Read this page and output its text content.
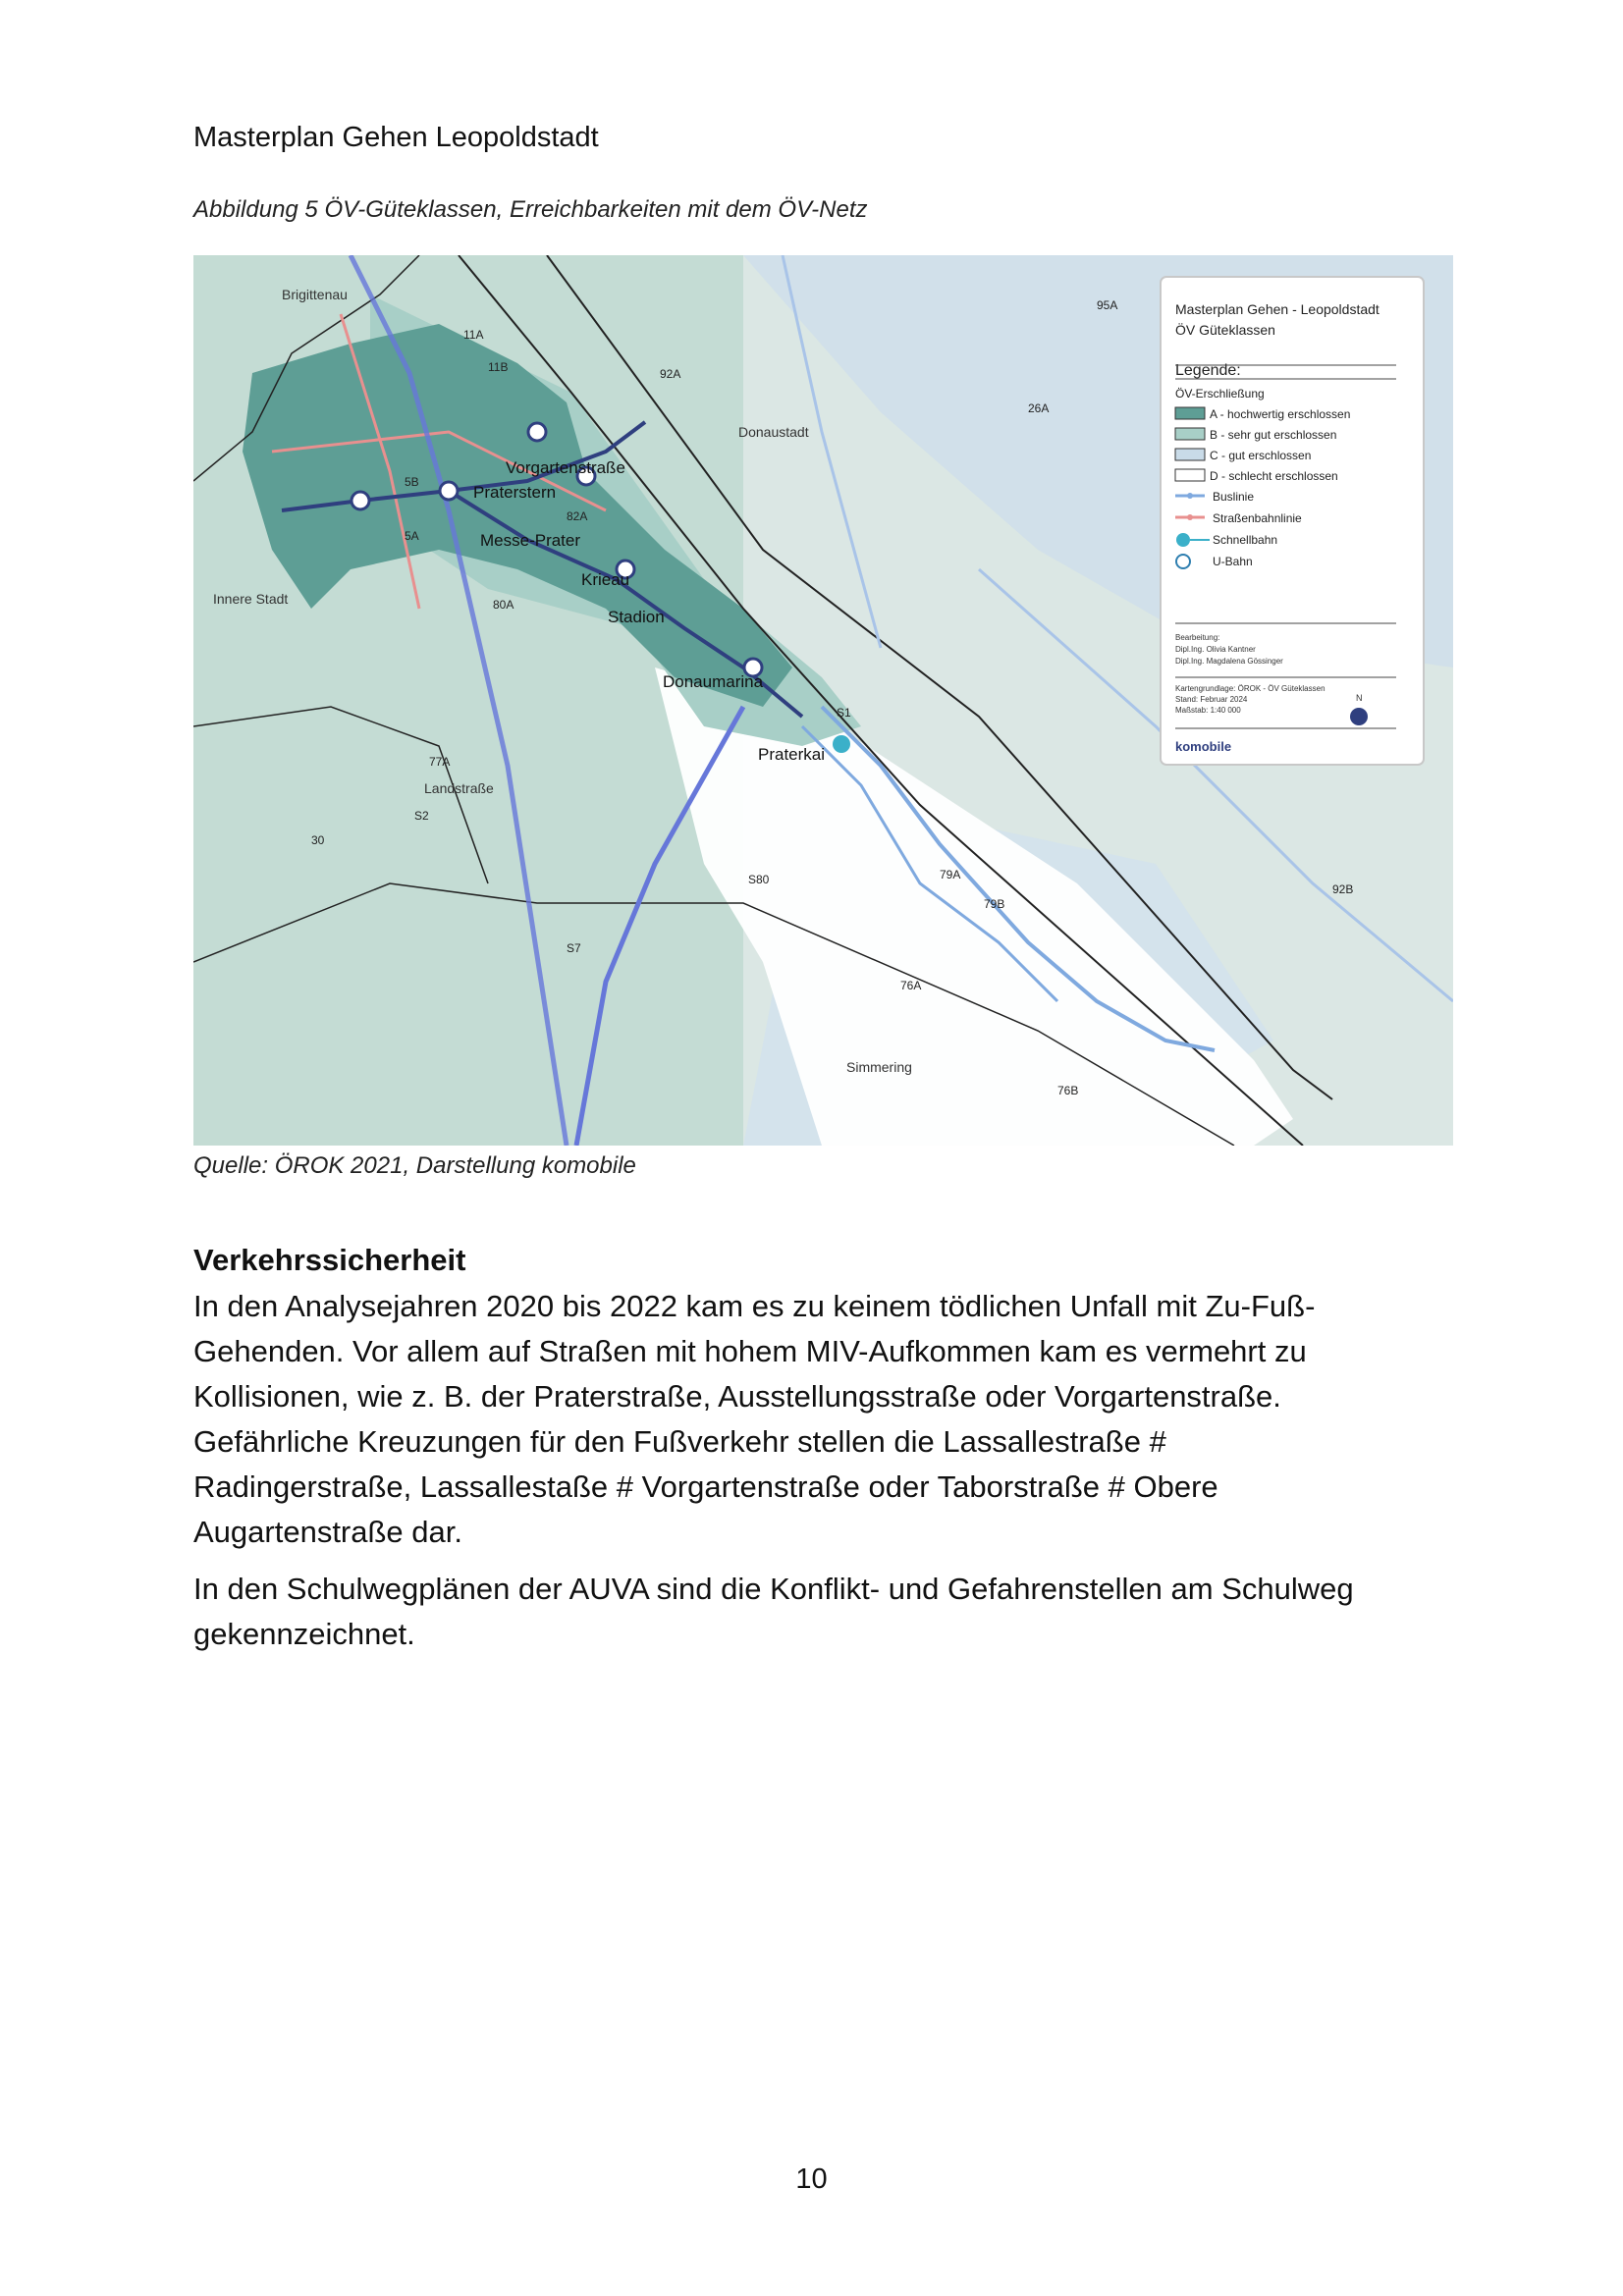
Masterplan Gehen Leopoldstadt
Abbildung 5 ÖV-Güteklassen, Erreichbarkeiten mit dem ÖV-Netz
Brigittenau
Donaustadt
Innere Stadt
Landstraße
Simmering
Vorgartenstraße
Praterstern
Messe-Prater
Krieau
Stadion
Donaumarina
Praterkai
11A
11B
5A
5B
82A
80A
77A
79A
79B
76A
76B
92A
92B
95A
26A
30
S80
S1
S2
S7
Masterplan Gehen - Leopoldstadt
ÖV Güteklassen
Legende:
ÖV-Erschließung
A - hochwertig erschlossen
B - sehr gut erschlossen
C - gut erschlossen
D - schlecht erschlossen
Buslinie
Straßenbahnlinie
Schnellbahn
U-Bahn
Bearbeitung:
Dipl.Ing. Olivia Kantner
Dipl.Ing. Magdalena Gössinger
Kartengrundlage: ÖROK - ÖV Güteklassen
Stand: Februar 2024
Maßstab: 1:40 000
N
komobile
Quelle: ÖROK 2021, Darstellung komobile
Verkehrssicherheit

In den Analysejahren 2020 bis 2022 kam es zu keinem tödlichen Unfall mit Zu-Fuß-
Gehenden. Vor allem auf Straßen mit hohem MIV-Aufkommen kam es vermehrt zu
Kollisionen, wie z. B. der Praterstraße, Ausstellungsstraße oder Vorgartenstraße.
Gefährliche Kreuzungen für den Fußverkehr stellen die Lassallestraße #
Radingerstraße, Lassallestaße # Vorgartenstraße oder Taborstraße # Obere
Augartenstraße dar.

In den Schulwegplänen der AUVA sind die Konflikt- und Gefahrenstellen am Schulweg
gekennzeichnet.

10
